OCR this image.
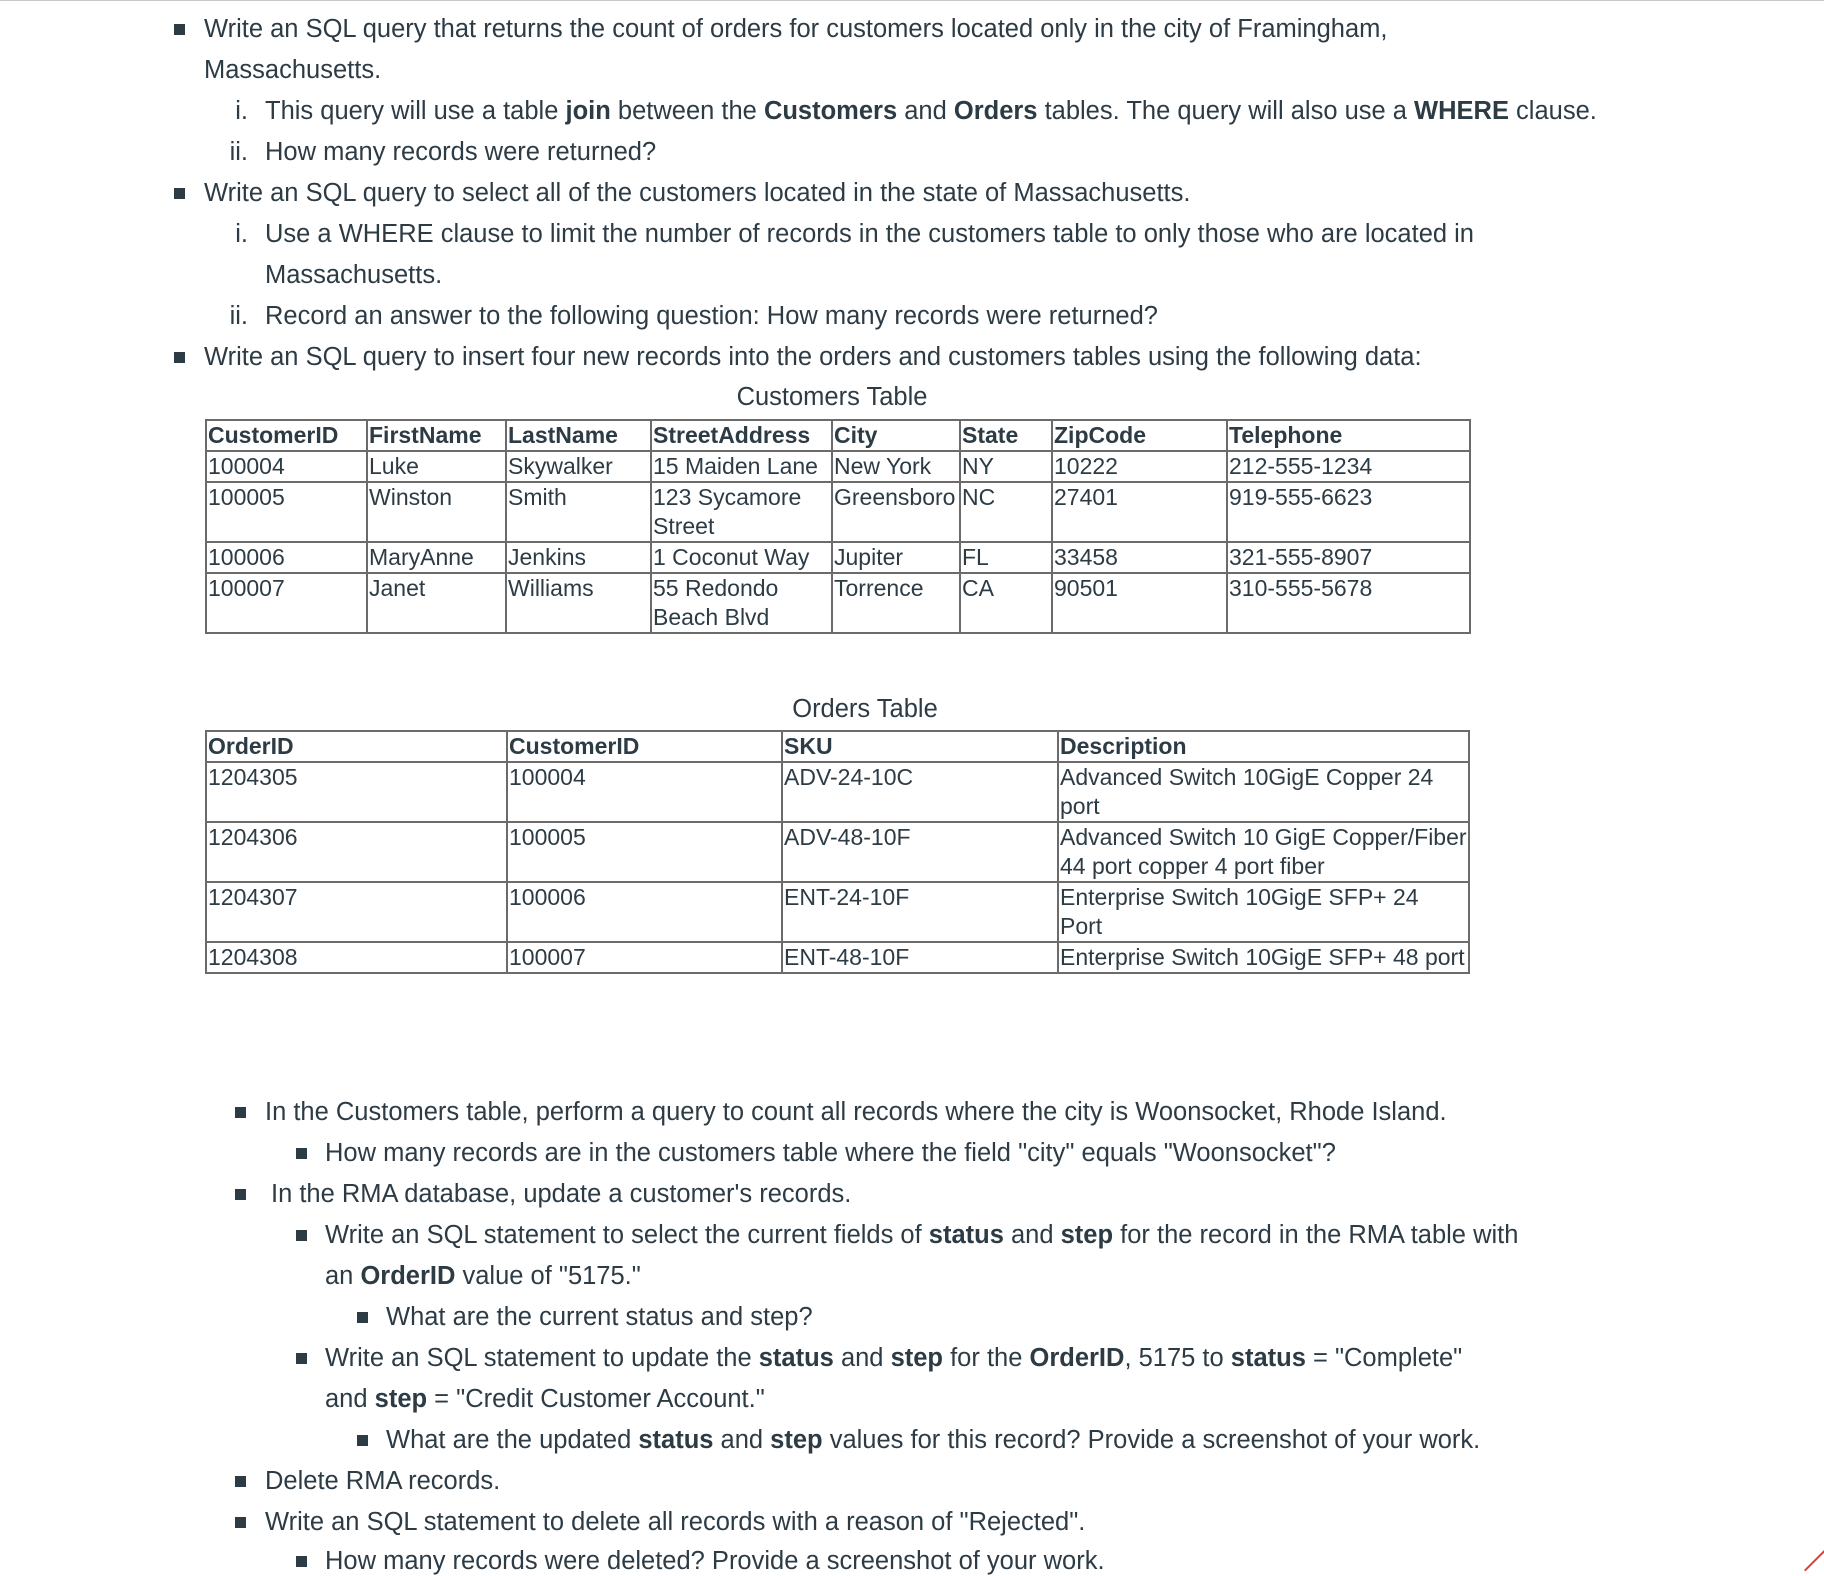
Write an SQL query that returns the count of orders for customers located only in the city of Framingham,
Massachusetts.
i. This query will use a table join between the Customers and Orders tables. The query will also use a WHERE clause.
ii. How many records were returned?
Write an SQL query to select all of the customers located in the state of Massachusetts.
i. Use a WHERE clause to limit the number of records in the customers table to only those who are located in
Massachusetts.
ii. Record an answer to the following question: How many records were returned?
Write an SQL query to insert four new records into the orders and customers tables using the following data:
Customers Table
CustomerID	FirstName	LastName	StreetAddress	City	State	ZipCode	Telephone
100004	Luke	Skywalker	15 Maiden Lane	New York	NY	10222	212-555-1234
100005	Winston	Smith	123 Sycamore Street	Greensboro	NC	27401	919-555-6623
100006	MaryAnne	Jenkins	1 Coconut Way	Jupiter	FL	33458	321-555-8907
100007	Janet	Williams	55 Redondo Beach Blvd	Torrence	CA	90501	310-555-5678
Orders Table
OrderID	CustomerID	SKU	Description
1204305	100004	ADV-24-10C	Advanced Switch 10GigE Copper 24 port
1204306	100005	ADV-48-10F	Advanced Switch 10 GigE Copper/Fiber 44 port copper 4 port fiber
1204307	100006	ENT-24-10F	Enterprise Switch 10GigE SFP+ 24 Port
1204308	100007	ENT-48-10F	Enterprise Switch 10GigE SFP+ 48 port
In the Customers table, perform a query to count all records where the city is Woonsocket, Rhode Island.
How many records are in the customers table where the field "city" equals "Woonsocket"?
In the RMA database, update a customer's records.
Write an SQL statement to select the current fields of status and step for the record in the RMA table with
an OrderID value of "5175."
What are the current status and step?
Write an SQL statement to update the status and step for the OrderID, 5175 to status = "Complete"
and step = "Credit Customer Account."
What are the updated status and step values for this record? Provide a screenshot of your work.
Delete RMA records.
Write an SQL statement to delete all records with a reason of "Rejected".
How many records were deleted? Provide a screenshot of your work.
